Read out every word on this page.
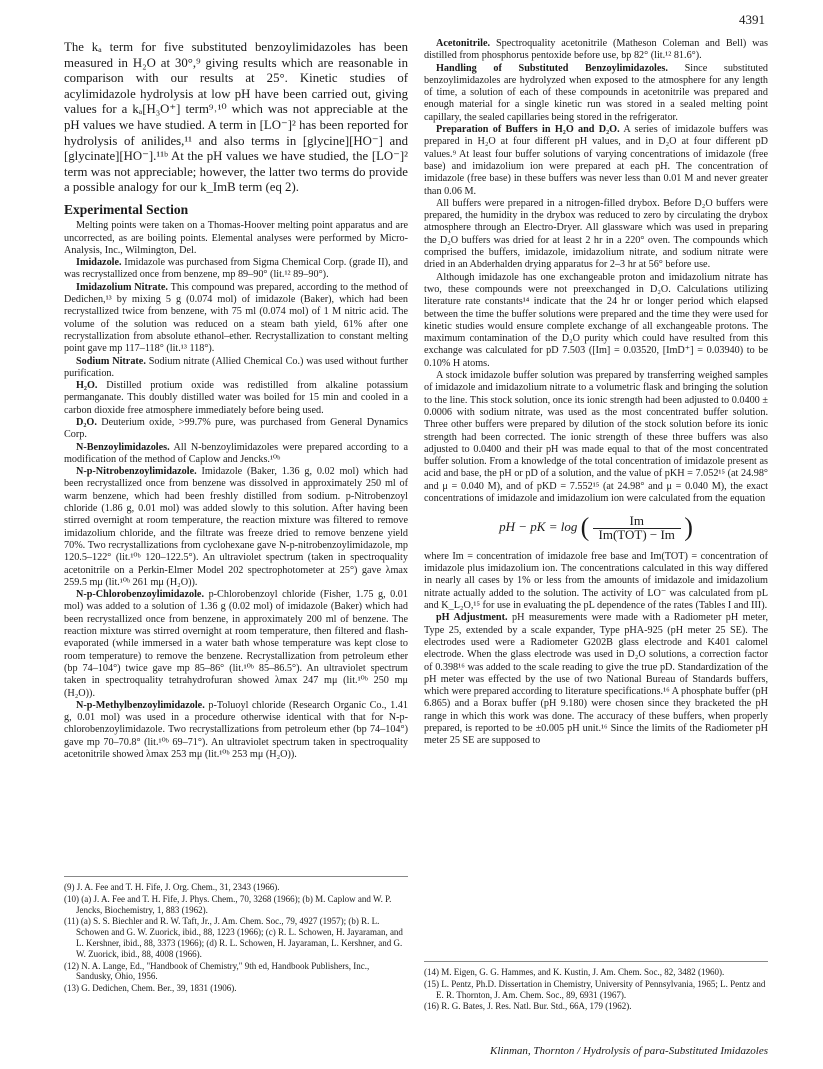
4391

The kₐ term for five substituted benzoylimidazoles has been measured in H₂O at 30°,⁹ giving results which are reasonable in comparison with our results at 25°. Kinetic studies of acylimidazole hydrolysis at low pH have been carried out, giving values for a kₐ[H₃O⁺] term⁹˒¹⁰ which was not appreciable at the pH values we have studied. A term in [LO⁻]² has been reported for hydrolysis of anilides,¹¹ and also terms in [glycine][HO⁻] and [glycinate][HO⁻].¹¹ᵇ At the pH values we have studied, the [LO⁻]² term was not appreciable; however, the latter two terms do provide a possible analogy for our k_ImB term (eq 2).

Experimental Section

Melting points were taken on a Thomas-Hoover melting point apparatus and are uncorrected, as are boiling points. Elemental analyses were performed by Micro-Analysis, Inc., Wilmington, Del.

Imidazole. Imidazole was purchased from Sigma Chemical Corp. (grade II), and was recrystallized once from benzene, mp 89–90° (lit.¹² 89–90°).

Imidazolium Nitrate. This compound was prepared, according to the method of Dedichen,¹³ by mixing 5 g (0.074 mol) of imidazole (Baker), which had been recrystallized twice from benzene, with 75 ml (0.074 mol) of 1 M nitric acid. The volume of the solution was reduced on a steam bath yield, 61% after one recrystallization from absolute ethanol–ether. Recrystallization to constant melting point gave mp 117–118° (lit.¹³ 118°).

Sodium Nitrate. Sodium nitrate (Allied Chemical Co.) was used without further purification.

H₂O. Distilled protium oxide was redistilled from alkaline potassium permanganate. This doubly distilled water was boiled for 15 min and cooled in a carbon dioxide free atmosphere immediately before being used.

D₂O. Deuterium oxide, >99.7% pure, was purchased from General Dynamics Corp.

N-Benzoylimidazoles. All N-benzoylimidazoles were prepared according to a modification of the method of Caplow and Jencks.¹⁰ᵇ

N-p-Nitrobenzoylimidazole. Imidazole (Baker, 1.36 g, 0.02 mol) which had been recrystallized once from benzene was dissolved in approximately 250 ml of warm benzene, which had been freshly distilled from sodium. p-Nitrobenzoyl chloride (1.86 g, 0.01 mol) was added slowly to this solution. After having been stirred overnight at room temperature, the reaction mixture was filtered to remove imidazolium chloride, and the filtrate was freeze dried to remove benzene yield 70%. Two recrystallizations from cyclohexane gave N-p-nitrobenzoylimidazole, mp 120.5–122° (lit.¹⁰ᵇ 120–122.5°). An ultraviolet spectrum (taken in spectroquality acetonitrile on a Perkin-Elmer Model 202 spectrophotometer at 25°) gave λmax 259.5 mμ (lit.¹⁰ᵇ 261 mμ (H₂O)).

N-p-Chlorobenzoylimidazole. p-Chlorobenzoyl chloride (Fisher, 1.75 g, 0.01 mol) was added to a solution of 1.36 g (0.02 mol) of imidazole (Baker) which had been recrystallized once from benzene, in approximately 200 ml of benzene. The reaction mixture was stirred overnight at room temperature, then filtered and flash-evaporated (while immersed in a water bath whose temperature was kept close to room temperature) to remove the benzene. Recrystallization from petroleum ether (bp 74–104°) twice gave mp 85–86° (lit.¹⁰ᵇ 85–86.5°). An ultraviolet spectrum taken in spectroquality tetrahydrofuran showed λmax 247 mμ (lit.¹⁰ᵇ 250 mμ (H₂O)).

N-p-Methylbenzoylimidazole. p-Toluoyl chloride (Research Organic Co., 1.41 g, 0.01 mol) was used in a procedure otherwise identical with that for N-p-chlorobenzoylimidazole. Two recrystallizations from petroleum ether (bp 74–104°) gave mp 70–70.8° (lit.¹⁰ᵇ 69–71°). An ultraviolet spectrum taken in spectroquality acetonitrile showed λmax 253 mμ (lit.¹⁰ᵇ 253 mμ (H₂O)).

Acetonitrile. Spectroquality acetonitrile (Matheson Coleman and Bell) was distilled from phosphorus pentoxide before use, bp 82° (lit.¹² 81.6°).

Handling of Substituted Benzoylimidazoles. Since substituted benzoylimidazoles are hydrolyzed when exposed to the atmosphere for any length of time, a solution of each of these compounds in acetonitrile was prepared and enough material for a single kinetic run was stored in a sealed melting point capillary, the sealed capillaries being stored in the refrigerator.

Preparation of Buffers in H₂O and D₂O. A series of imidazole buffers was prepared in H₂O at four different pH values, and in D₂O at four different pD values.⁹ At least four buffer solutions of varying concentrations of imidazole (free base) and imidazolium ion were prepared at each pH. The concentration of imidazole (free base) in these buffers was never less than 0.01 M and never greater than 0.06 M.

All buffers were prepared in a nitrogen-filled drybox. Before D₂O buffers were prepared, the humidity in the drybox was reduced to zero by circulating the drybox atmosphere through an Electro-Dryer. All glassware which was used in preparing the D₂O buffers was dried for at least 2 hr in a 220° oven. The compounds which comprised the buffers, imidazole, imidazolium nitrate, and sodium nitrate were dried in an Abderhalden drying apparatus for 2–3 hr at 56° before use.

Although imidazole has one exchangeable proton and imidazolium nitrate has two, these compounds were not preexchanged in D₂O. Calculations utilizing literature rate constants¹⁴ indicate that the 24 hr or longer period which elapsed between the time the buffer solutions were prepared and the time they were used for kinetic studies would ensure complete exchange of all exchangeable protons. The maximum contamination of the D₂O purity which could have resulted from this exchange was calculated for pD 7.503 ([Im] = 0.03520, [ImD⁺] = 0.03940) to be 0.10% H atoms.

A stock imidazole buffer solution was prepared by transferring weighed samples of imidazole and imidazolium nitrate to a volumetric flask and bringing the solution to the line. This stock solution, once its ionic strength had been adjusted to 0.0400 ± 0.0006 with sodium nitrate, was used as the most concentrated buffer solution. Three other buffers were prepared by dilution of the stock solution before its ionic strength had been corrected. The ionic strength of these three buffers was also adjusted to 0.0400 and their pH was made equal to that of the most concentrated buffer solution. From a knowledge of the total concentration of imidazole present as acid and base, the pH or pD of a solution, and the value of pKH = 7.052¹⁵ (at 24.98° and μ = 0.040 M), and of pKD = 7.552¹⁵ (at 24.98° and μ = 0.040 M), the exact concentrations of imidazole and imidazolium ion were calculated from the equation

pH − pK = log ( $\frac{Im}{\text{Im(TOT) − Im}}$ )

where Im = concentration of imidazole free base and Im(TOT) = concentration of imidazole plus imidazolium ion. The concentrations calculated in this way differed in nearly all cases by 1% or less from the amounts of imidazole and imidazolium nitrate actually added to the solution. The activity of LO⁻ was calculated from pL and K_L₂O,¹⁵ for use in evaluating the pL dependence of the rates (Tables I and III).

pH Adjustment. pH measurements were made with a Radiometer pH meter, Type 25, extended by a scale expander, Type pHA-925 (pH meter 25 SE). The electrodes used were a Radiometer G202B glass electrode and K401 calomel electrode. When the glass electrode was used in D₂O solutions, a correction factor of 0.398¹⁶ was added to the scale reading to give the true pD. Standardization of the pH meter was effected by the use of two National Bureau of Standards buffers, which were prepared according to literature specifications.¹⁶ A phosphate buffer (pH 6.865) and a Borax buffer (pH 9.180) were chosen since they bracketed the pH range in which this work was done. The accuracy of these buffers, when properly prepared, is reported to be ±0.005 pH unit.¹⁶ Since the limits of the Radiometer pH meter 25 SE are supposed to

(9) J. A. Fee and T. H. Fife, J. Org. Chem., 31, 2343 (1966).
(10) (a) J. A. Fee and T. H. Fife, J. Phys. Chem., 70, 3268 (1966); (b) M. Caplow and W. P. Jencks, Biochemistry, 1, 883 (1962).
(11) (a) S. S. Biechler and R. W. Taft, Jr., J. Am. Chem. Soc., 79, 4927 (1957); (b) R. L. Schowen and G. W. Zuorick, ibid., 88, 1223 (1966); (c) R. L. Schowen, H. Jayaraman, and L. Kershner, ibid., 88, 3373 (1966); (d) R. L. Schowen, H. Jayaraman, L. Kershner, and G. W. Zuorick, ibid., 88, 4008 (1966).
(12) N. A. Lange, Ed., "Handbook of Chemistry," 9th ed, Handbook Publishers, Inc., Sandusky, Ohio, 1956.
(13) G. Dedichen, Chem. Ber., 39, 1831 (1906).
(14) M. Eigen, G. G. Hammes, and K. Kustin, J. Am. Chem. Soc., 82, 3482 (1960).
(15) L. Pentz, Ph.D. Dissertation in Chemistry, University of Pennsylvania, 1965; L. Pentz and E. R. Thornton, J. Am. Chem. Soc., 89, 6931 (1967).
(16) R. G. Bates, J. Res. Natl. Bur. Std., 66A, 179 (1962).
Klinman, Thornton / Hydrolysis of para-Substituted Imidazoles
